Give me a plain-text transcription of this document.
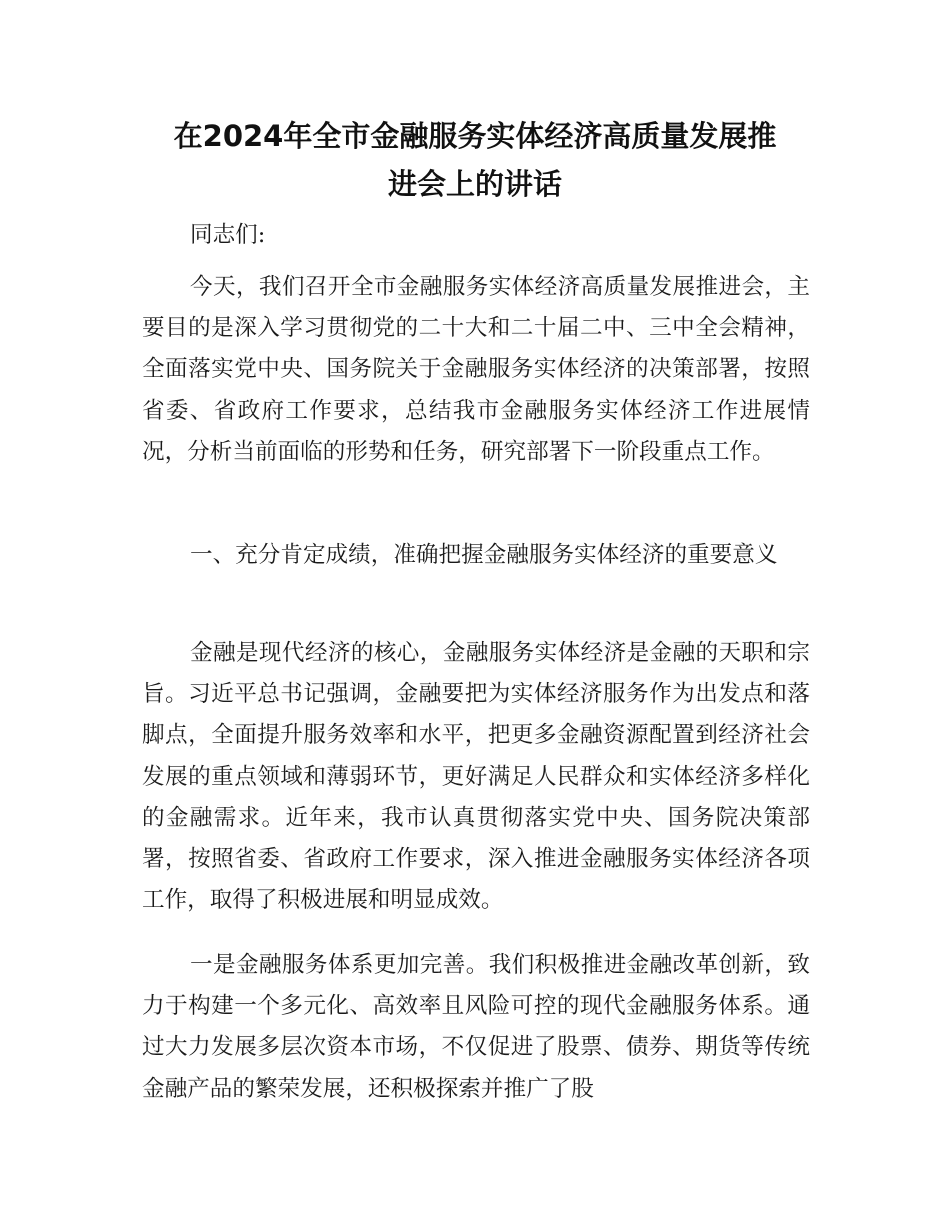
在2024年全市金融服务实体经济高质量发展推
进会上的讲话

同志们:

今天，我们召开全市金融服务实体经济高质量发展推进会，主要目的是深入学习贯彻党的二十大和二十届二中、三中全会精神，全面落实党中央、国务院关于金融服务实体经济的决策部署，按照省委、省政府工作要求，总结我市金融服务实体经济工作进展情况，分析当前面临的形势和任务，研究部署下一阶段重点工作。

一、充分肯定成绩，准确把握金融服务实体经济的重要意义

金融是现代经济的核心，金融服务实体经济是金融的天职和宗旨。习近平总书记强调，金融要把为实体经济服务作为出发点和落脚点，全面提升服务效率和水平，把更多金融资源配置到经济社会发展的重点领域和薄弱环节，更好满足人民群众和实体经济多样化的金融需求。近年来，我市认真贯彻落实党中央、国务院决策部署，按照省委、省政府工作要求，深入推进金融服务实体经济各项工作，取得了积极进展和明显成效。

一是金融服务体系更加完善。我们积极推进金融改革创新，致力于构建一个多元化、高效率且风险可控的现代金融服务体系。通过大力发展多层次资本市场，不仅促进了股票、债券、期货等传统金融产品的繁荣发展，还积极探索并推广了股
